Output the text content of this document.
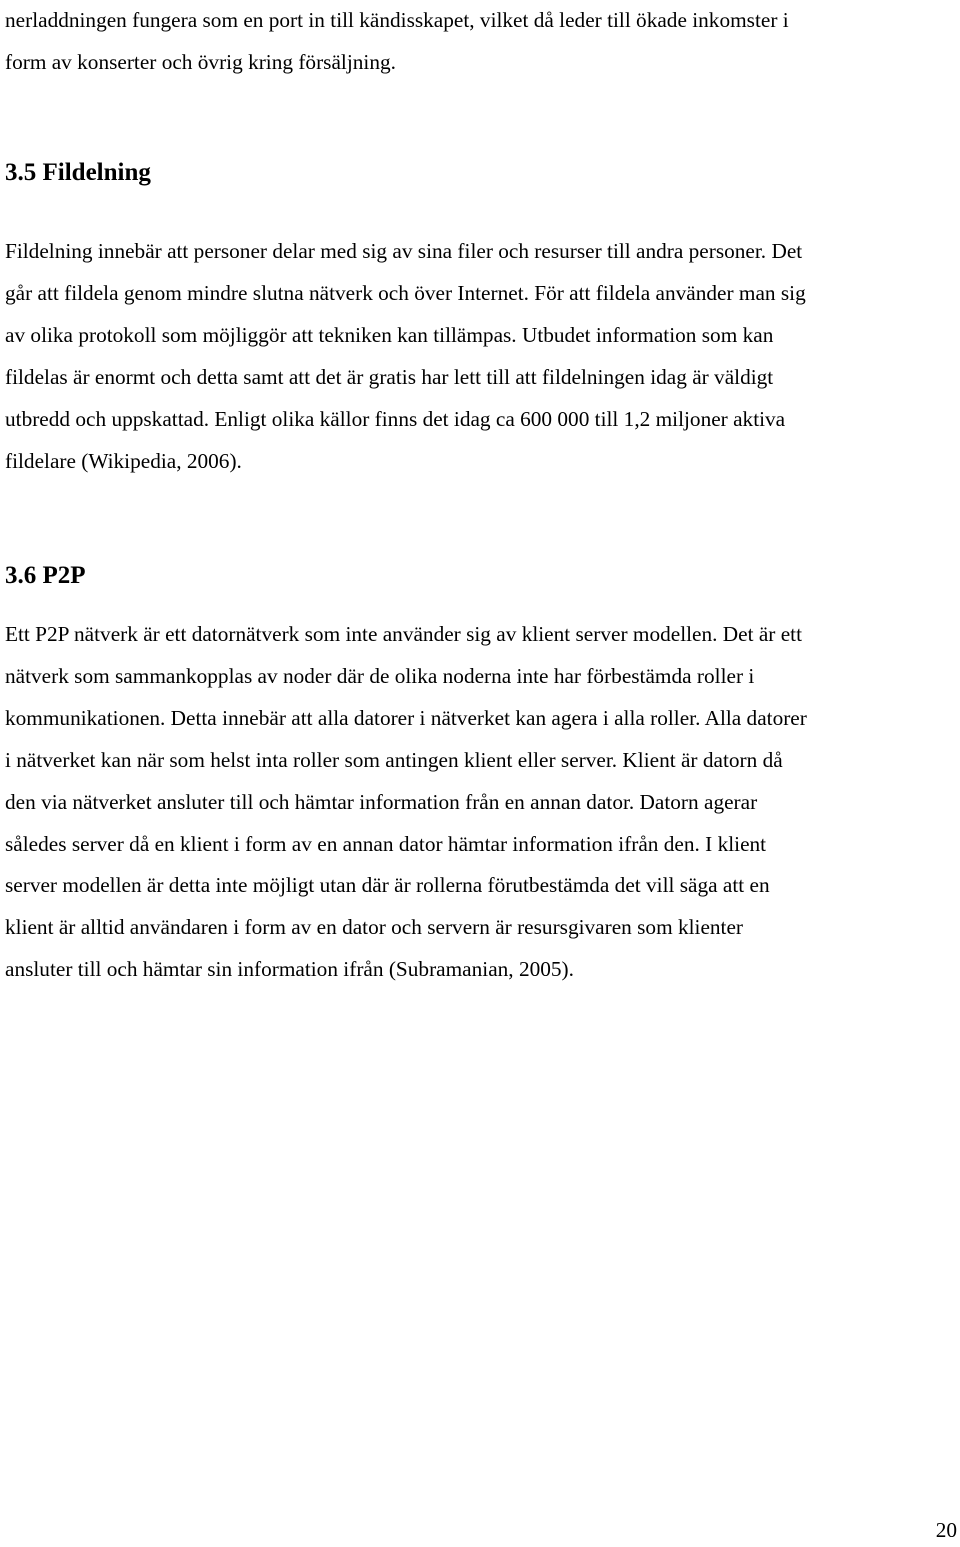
nerladdningen fungera som en port in till kändisskapet, vilket då leder till ökade inkomster i
form av konserter och övrig kring försäljning.

3.5 Fildelning

Fildelning innebär att personer delar med sig av sina filer och resurser till andra personer. Det
går att fildela genom mindre slutna nätverk och över Internet. För att fildela använder man sig
av olika protokoll som möjliggör att tekniken kan tillämpas. Utbudet information som kan
fildelas är enormt och detta samt att det är gratis har lett till att fildelningen idag är väldigt
utbredd och uppskattad. Enligt olika källor finns det idag ca 600 000 till 1,2 miljoner aktiva
fildelare (Wikipedia, 2006).

3.6 P2P

Ett P2P nätverk är ett datornätverk som inte använder sig av klient server modellen. Det är ett
nätverk som sammankopplas av noder där de olika noderna inte har förbestämda roller i
kommunikationen. Detta innebär att alla datorer i nätverket kan agera i alla roller. Alla datorer
i nätverket kan när som helst inta roller som antingen klient eller server. Klient är datorn då
den via nätverket ansluter till och hämtar information från en annan dator. Datorn agerar
således server då en klient i form av en annan dator hämtar information ifrån den. I klient
server modellen är detta inte möjligt utan där är rollerna förutbestämda det vill säga att en
klient är alltid användaren i form av en dator och servern är resursgivaren som klienter
ansluter till och hämtar sin information ifrån (Subramanian, 2005).

20
